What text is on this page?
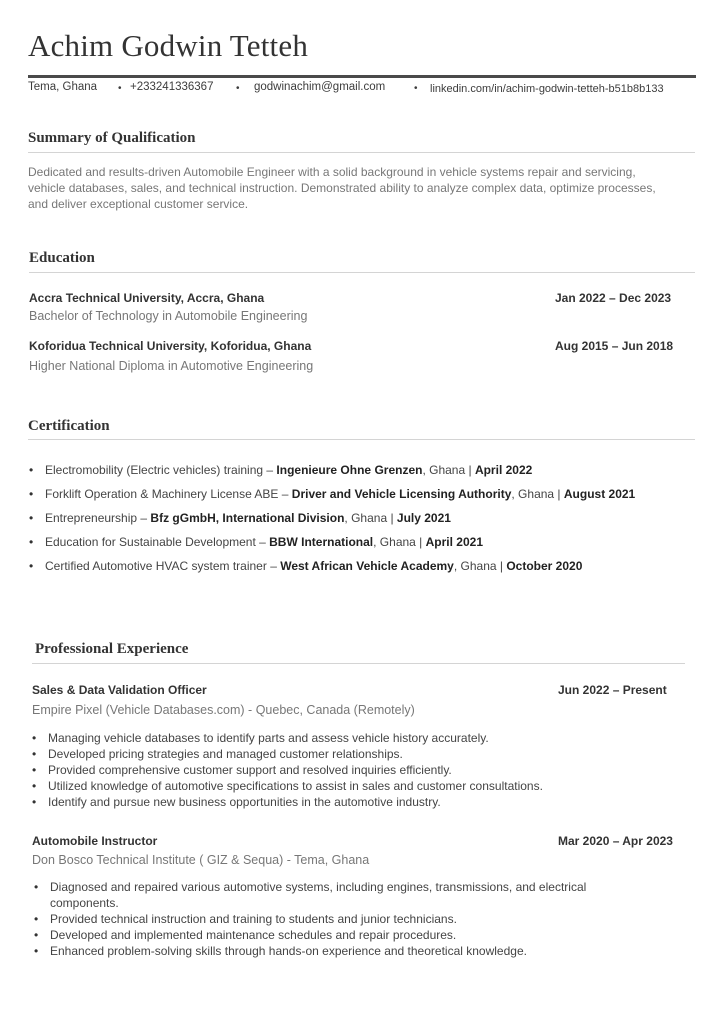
Achim Godwin Tetteh
Tema, Ghana • +233241336367 • godwinachim@gmail.com	• linkedin.com/in/achim-godwin-tetteh-b51b8b133
Summary of Qualification
Dedicated and results-driven Automobile Engineer with a solid background in vehicle systems repair and servicing, vehicle databases, sales, and technical instruction. Demonstrated ability to analyze complex data, optimize processes, and deliver exceptional customer service.
Education
Accra Technical University, Accra, Ghana	Jan 2022 – Dec 2023
Bachelor of Technology in Automobile Engineering
Koforidua Technical University, Koforidua, Ghana	Aug 2015 – Jun 2018
Higher National Diploma in Automotive Engineering
Certification
• Electromobility (Electric vehicles) training – Ingenieure Ohne Grenzen, Ghana | April 2022
• Forklift Operation & Machinery License ABE – Driver and Vehicle Licensing Authority, Ghana | August 2021
• Entrepreneurship – Bfz gGmbH, International Division, Ghana | July 2021
• Education for Sustainable Development – BBW International, Ghana | April 2021
• Certified Automotive HVAC system trainer – West African Vehicle Academy, Ghana | October 2020
Professional Experience
Sales & Data Validation Officer	Jun 2022 – Present
Empire Pixel (Vehicle Databases.com) - Quebec, Canada (Remotely)
• Managing vehicle databases to identify parts and assess vehicle history accurately.
• Developed pricing strategies and managed customer relationships.
• Provided comprehensive customer support and resolved inquiries efficiently.
• Utilized knowledge of automotive specifications to assist in sales and customer consultations.
• Identify and pursue new business opportunities in the automotive industry.
Automobile Instructor	Mar 2020 – Apr 2023
Don Bosco Technical Institute ( GIZ & Sequa) - Tema, Ghana
• Diagnosed and repaired various automotive systems, including engines, transmissions, and electrical components.
• Provided technical instruction and training to students and junior technicians.
• Developed and implemented maintenance schedules and repair procedures.
• Enhanced problem-solving skills through hands-on experience and theoretical knowledge.
